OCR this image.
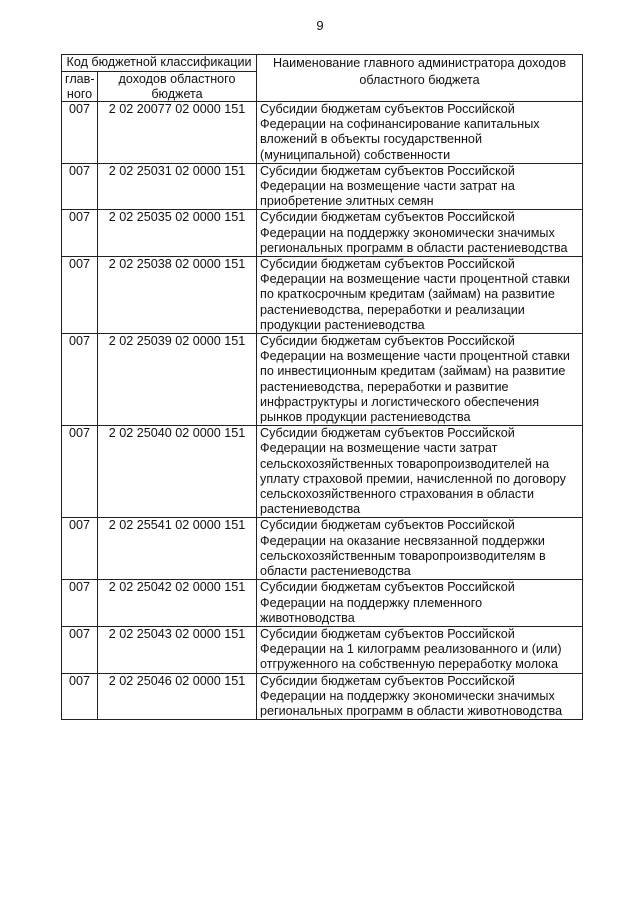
9
Код бюджетной классификации		Наименование главного администратора доходов областного бюджета
глав-ного	доходов областного бюджета	
007	2 02 20077 02 0000 151	Субсидии бюджетам субъектов Российской Федерации на софинансирование капитальных вложений в объекты государственной (муниципальной) собственности
007	2 02 25031 02 0000 151	Субсидии бюджетам субъектов Российской Федерации на возмещение части затрат на приобретение элитных семян
007	2 02 25035 02 0000 151	Субсидии бюджетам субъектов Российской Федерации на поддержку экономически значимых региональных программ в области растениеводства
007	2 02 25038 02 0000 151	Субсидии бюджетам субъектов Российской Федерации на возмещение части процентной ставки по краткосрочным кредитам (займам) на развитие растениеводства, переработки и реализации продукции растениеводства
007	2 02 25039 02 0000 151	Субсидии бюджетам субъектов Российской Федерации на возмещение части процентной ставки по инвестиционным кредитам (займам) на развитие растениеводства, переработки и развитие инфраструктуры и логистического обеспечения рынков продукции растениеводства
007	2 02 25040 02 0000 151	Субсидии бюджетам субъектов Российской Федерации на возмещение части затрат сельскохозяйственных товаропроизводителей на уплату страховой премии, начисленной по договору сельскохозяйственного страхования в области растениеводства
007	2 02 25541 02 0000 151	Субсидии бюджетам субъектов Российской Федерации на оказание несвязанной поддержки сельскохозяйственным товаропроизводителям в области растениеводства
007	2 02 25042 02 0000 151	Субсидии бюджетам субъектов Российской Федерации на поддержку племенного животноводства
007	2 02 25043 02 0000 151	Субсидии бюджетам субъектов Российской Федерации на 1 килограмм реализованного и (или) отгруженного на собственную переработку молока
007	2 02 25046 02 0000 151	Субсидии бюджетам субъектов Российской Федерации на поддержку экономически значимых региональных программ в области животноводства
